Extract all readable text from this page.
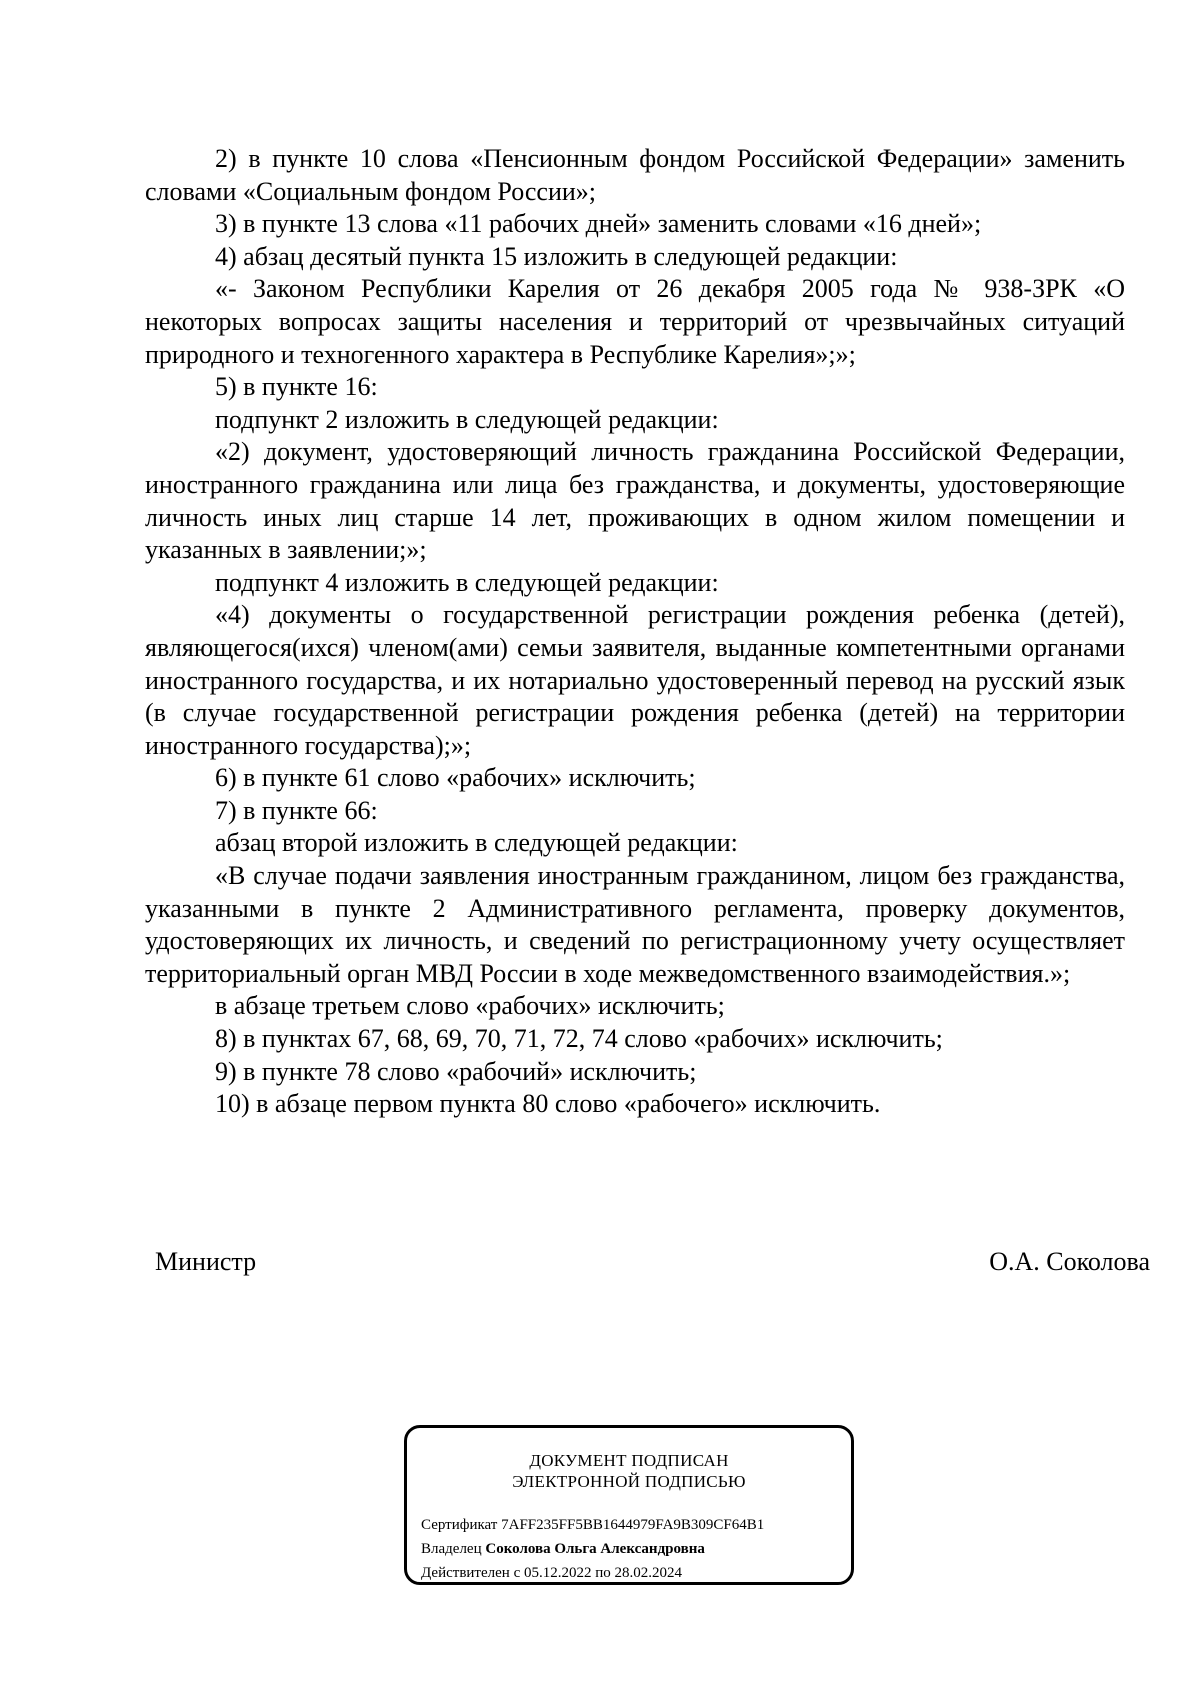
2) в пункте 10 слова «Пенсионным фондом Российской Федерации» заменить словами «Социальным фондом России»;

3) в пункте 13 слова «11 рабочих дней» заменить словами «16 дней»;

4) абзац десятый пункта 15 изложить в следующей редакции:

«- Законом Республики Карелия от 26 декабря 2005 года № 938-ЗРК «О некоторых вопросах защиты населения и территорий от чрезвычайных ситуаций природного и техногенного характера в Республике Карелия»;»;

5) в пункте 16:

подпункт 2 изложить в следующей редакции:

«2) документ, удостоверяющий личность гражданина Российской Федерации, иностранного гражданина или лица без гражданства, и документы, удостоверяющие личность иных лиц старше 14 лет, проживающих в одном жилом помещении и указанных в заявлении;»;

подпункт 4 изложить в следующей редакции:

«4) документы о государственной регистрации рождения ребенка (детей), являющегося(ихся) членом(ами) семьи заявителя, выданные компетентными органами иностранного государства, и их нотариально удостоверенный перевод на русский язык (в случае государственной регистрации рождения ребенка (детей) на территории иностранного государства);»;

6) в пункте 61 слово «рабочих» исключить;

7) в пункте 66:

абзац второй изложить в следующей редакции:

«В случае подачи заявления иностранным гражданином, лицом без гражданства, указанными в пункте 2 Административного регламента, проверку документов, удостоверяющих их личность, и сведений по регистрационному учету осуществляет территориальный орган МВД России в ходе межведомственного взаимодействия.»;

в абзаце третьем слово «рабочих» исключить;

8) в пунктах 67, 68, 69, 70, 71, 72, 74 слово «рабочих» исключить;

9) в пункте 78 слово «рабочий» исключить;

10) в абзаце первом пункта 80 слово «рабочего» исключить.

Министр	О.А. Соколова
ДОКУМЕНТ ПОДПИСАН
ЭЛЕКТРОННОЙ ПОДПИСЬЮ
Сертификат 7AFF235FF5BB1644979FA9B309CF64B1
Владелец Соколова Ольга Александровна
Действителен с 05.12.2022 по 28.02.2024
